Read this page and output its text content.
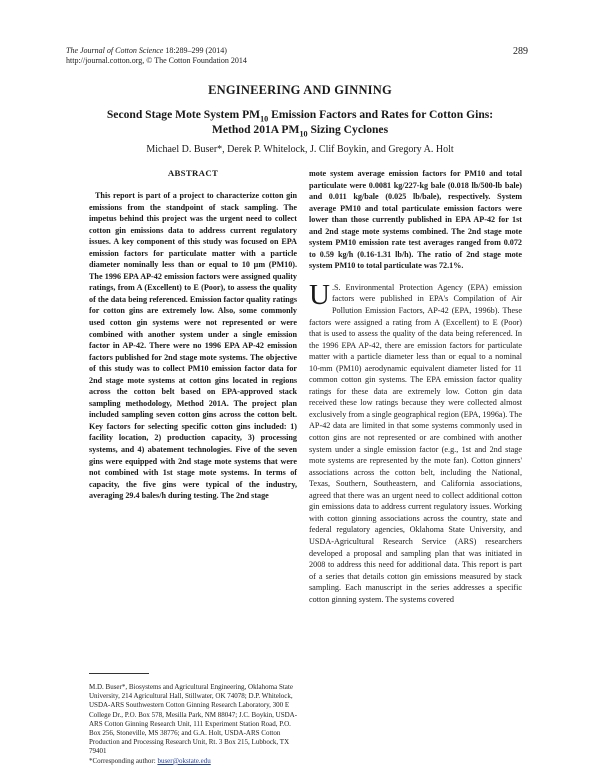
The Journal of Cotton Science 18:289–299 (2014)
http://journal.cotton.org, © The Cotton Foundation 2014
289
ENGINEERING AND GINNING
Second Stage Mote System $PM_{10}$ Emission Factors and Rates for Cotton Gins:
Method 201A $PM_{10}$ Sizing Cyclones
Michael D. Buser*, Derek P. Whitelock, J. Clif Boykin, and Gregory A. Holt
ABSTRACT

This report is part of a project to characterize cotton gin emissions from the standpoint of stack sampling. The impetus behind this project was the urgent need to collect cotton gin emissions data to address current regulatory issues. A key component of this study was focused on EPA emission factors for particulate matter with a particle diameter nominally less than or equal to 10 µm (PM10). The 1996 EPA AP-42 emission factors were assigned quality ratings, from A (Excellent) to E (Poor), to assess the quality of the data being referenced. Emission factor quality ratings for cotton gins are extremely low. Also, some commonly used cotton gin systems were not represented or were combined with another system under a single emission factor in AP-42. There were no 1996 EPA AP-42 emission factors published for 2nd stage mote systems. The objective of this study was to collect PM10 emission factor data for 2nd stage mote systems at cotton gins located in regions across the cotton belt based on EPA-approved stack sampling methodology, Method 201A. The project plan included sampling seven cotton gins across the cotton belt. Key factors for selecting specific cotton gins included: 1) facility location, 2) production capacity, 3) processing systems, and 4) abatement technologies. Five of the seven gins were equipped with 2nd stage mote systems that were not combined with 1st stage mote systems. In terms of capacity, the five gins were typical of the industry, averaging 29.4 bales/h during testing. The 2nd stage

mote system average emission factors for PM10 and total particulate were 0.0081 kg/227-kg bale (0.018 lb/500-lb bale) and 0.011 kg/bale (0.025 lb/bale), respectively. System average PM10 and total particulate emission factors were lower than those currently published in EPA AP-42 for 1st and 2nd stage mote systems combined. The 2nd stage mote system PM10 emission rate test averages ranged from 0.072 to 0.59 kg/h (0.16-1.31 lb/h). The ratio of 2nd stage mote system PM10 to total particulate was 72.1%.

U .S. Environmental Protection Agency (EPA) emission factors were published in EPA's Compilation of Air Pollution Emission Factors, AP-42 (EPA, 1996b). These factors were assigned a rating from A (Excellent) to E (Poor) that is used to assess the quality of the data being referenced. In the 1996 EPA AP-42, there are emission factors for particulate matter with a particle diameter less than or equal to a nominal 10-mm (PM10) aerodynamic equivalent diameter listed for 11 common cotton gin systems. The EPA emission factor quality ratings for these data are extremely low. Cotton gin data received these low ratings because they were collected almost exclusively from a single geographical region (EPA, 1996a). The AP-42 data are limited in that some systems commonly used in cotton gins are not represented or are combined with another system under a single emission factor (e.g., 1st and 2nd stage mote systems are represented by the mote fan). Cotton ginners' associations across the cotton belt, including the National, Texas, Southern, Southeastern, and California associations, agreed that there was an urgent need to collect additional cotton gin emissions data to address current regulatory issues. Working with cotton ginning associations across the country, state and federal regulatory agencies, Oklahoma State University, and USDA-Agricultural Research Service (ARS) researchers developed a proposal and sampling plan that was initiated in 2008 to address this need for additional data. This report is part of a series that details cotton gin emissions measured by stack sampling. Each manuscript in the series addresses a specific cotton ginning system. The systems covered

M.D. Buser*, Biosystems and Agricultural Engineering, Oklahoma State University, 214 Agricultural Hall, Stillwater, OK 74078; D.P. Whitelock, USDA-ARS Southwestern Cotton Ginning Research Laboratory, 300 E College Dr., P.O. Box 578, Mesilla Park, NM 88047; J.C. Boykin, USDA-ARS Cotton Ginning Research Unit, 111 Experiment Station Road, P.O. Box 256, Stoneville, MS 38776; and G.A. Holt, USDA-ARS Cotton Production and Processing Research Unit, Rt. 3 Box 215, Lubbock, TX 79401
*Corresponding author: buser@okstate.edu
